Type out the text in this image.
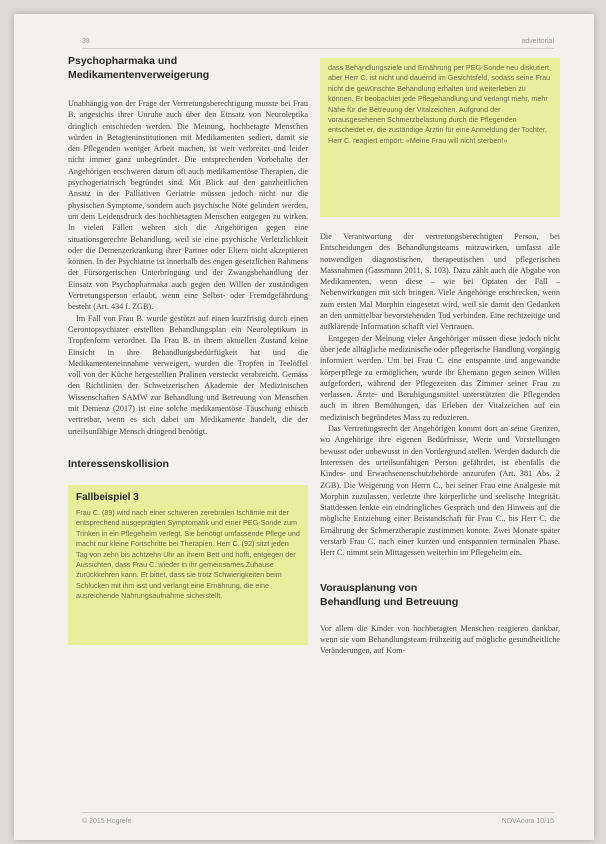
38	advertorial
© 2015 Hogrefe	NOVAcura 10/15
Psychopharmaka und
Medikamentenverweigerung

Unabhängig von der Frage der Vertretungsberechtigung musste bei Frau B. angesichts ihrer Unruhe auch über den Einsatz von Neuroleptika dringlich entschieden werden. Die Meinung, hochbetagte Menschen würden in Betagteninstitutionen mit Medikamenten sediert, damit sie den Pflegenden weniger Arbeit machen, ist weit verbreitet und leider nicht immer ganz unbegründet. Die entsprechenden Vorbehalte der Angehörigen erschweren darum oft auch medikamentöse Therapien, die psychogeriatrisch begründet sind. Mit Blick auf den ganzheitlichen Ansatz in der Palliativen Geriatrie müssen jedoch nicht nur die physischen Symptome, sondern auch psychische Nöte gelindert werden, um dem Leidensdruck des hochbetagten Menschen entgegen zu wirken. In vielen Fällen wehren sich die Angehörigen gegen eine situationsgerechte Behandlung, weil sie eine psychische Verletzlichkeit oder die Demenzerkrankung ihrer Partner oder Eltern nicht akzeptieren können. In der Psychiatrie ist innerhalb des engen gesetzlichen Rahmens der Fürsorgerischen Unterbringung und der Zwangsbehandlung der Einsatz von Psychopharmaka auch gegen den Willen der zuständigen Vertretungsperson erlaubt, wenn eine Selbst- oder Fremdgefährdung besteht (Art. 434 f. ZGB).

Im Fall von Frau B. wurde gestützt auf einen kurzfristig durch einen Gerontopsychiater erstellten Behandlungsplan ein Neuroleptikum in Tropfenform verordnet. Da Frau B. in ihrem aktuellen Zustand keine Einsicht in ihre Behandlungsbedürftigkeit hat und die Medikamenteneinnahme verweigert, wurden die Tropfen in Teelöffel voll von der Küche hergestellten Pralinen versteckt verabreicht. Gemäss den Richtlinien der Schweizerischen Akademie der Medizinischen Wissenschaften SAMW zur Behandlung und Betreuung von Menschen mit Demenz (2017) ist eine solche medikamentöse Täuschung ethisch vertretbar, wenn es sich dabei um Medikamente handelt, die der urteilsunfähige Mensch dringend benötigt.

Interessenskollision
Fallbeispiel 3

Frau C. (89) wird nach einer schweren zerebralen Ischämie mit der entsprechend ausgeprägten Symptomatik und einer PEG-Sonde zum Trinken in ein Pflegeheim verlegt. Sie benötigt umfassende Pflege und macht nur kleine Fortschritte bei Therapien. Herr C. (92) sitzt jeden Tag von zehn bis achtzehn Uhr an ihrem Bett und hofft, entgegen der Aussichten, dass Frau C. wieder in ihr gemeinsames Zuhause zurückkehren kann. Er bittet, dass sie trotz Schwierigkeiten beim Schlucken mit ihm isst und verlangt eine Ernährung, die eine ausreichende Nahrungsaufnahme sicherstellt.

dass Behandlungsziele und Ernährung per PEG-Sonde neu diskutiert, aber Herr C. ist nicht und dauernd im Gesichtsfeld, sodass seine Frau nicht die gewünschte Behandlung erhalten und weiterleben zu können. Er beobachtet jede Pflegehandlung und verlangt mehr, mehr Nähe für die Betreuung der Vitalzeichen. Aufgrund der vorausgesehenen Schmerzbelastung durch die Pflegenden entscheidet er, die zuständige Ärztin für eine Anmeldung der Tochter, Herr C. reagiert empört: «Meine Frau will nicht sterben!»

Die Verantwortung der vertretungsberechtigten Person, bei Entscheidungen des Behandlungsteams mitzuwirken, umfasst alle notwendigen diagnostischen, therapeutischen und pflegerischen Massnahmen (Gassmann 2011, S. 103). Dazu zählt auch die Abgabe von Medikamenten, wenn diese – wie bei Opiaten der Fall – Nebenwirkungen mit sich bringen. Viele Angehörige erschrecken, wenn zum ersten Mal Morphin eingesetzt wird, weil sie damit den Gedanken an den unmittelbar bevorstehenden Tod verbinden. Eine rechtzeitige und aufklärende Information schafft viel Vertrauen.

Entgegen der Meinung vieler Angehöriger müssen diese jedoch nicht über jede alltägliche medizinische oder pflegerische Handlung vorgängig informiert werden. Um bei Frau C. eine entspannte und angewandte körperpflege zu ermöglichen, wurde ihr Ehemann gegen seinen Willen aufgefordert, während der Pflegezeiten das Zimmer seiner Frau zu verlassen. Ärzte- und Beruhigungsmittel unterstützten die Pflegenden auch in ihren Bemühungen, das Erleben der Vitalzeichen auf ein medizinisch begründetes Mass zu reduzieren.

Das Vertretungsrecht der Angehörigen kommt dort an seine Grenzen, wo Angehörige ihre eigenen Bedürfnisse, Werte und Vorstellungen bewusst oder unbewusst in den Vordergrund stellen. Werden dadurch die Interessen des urteilsunfähigen Person gefährdet, ist ebenfalls die Kindes- und Erwachsenenschutzbehörde anzurufen (Art. 381 Abs. 2 ZGB). Die Weigerung von Herrn C., bei seiner Frau eine Analgesie mit Morphin zuzulassen, verletzte ihre körperliche und seelische Integrität. Stattdessen lenkte ein eindringliches Gespräch und den Hinweis auf die mögliche Entziehung einer Beistandschaft für Frau C., bis Herr C. die Ernährung der Schmerztherapie zustimmen konnte. Zwei Monate später verstarb Frau C. nach einer kurzen und entspannten terminalen Phase. Herr C. nimmt sein Mittagessen weiterhin im Pflegeheim ein.

Vorausplanung von
Behandlung und Betreuung

Vor allem die Kinder von hochbetagten Menschen reagieren dankbar, wenn sie vom Behandlungsteam frühzeitig auf mögliche gesundheitliche Veränderungen, auf Kom-
